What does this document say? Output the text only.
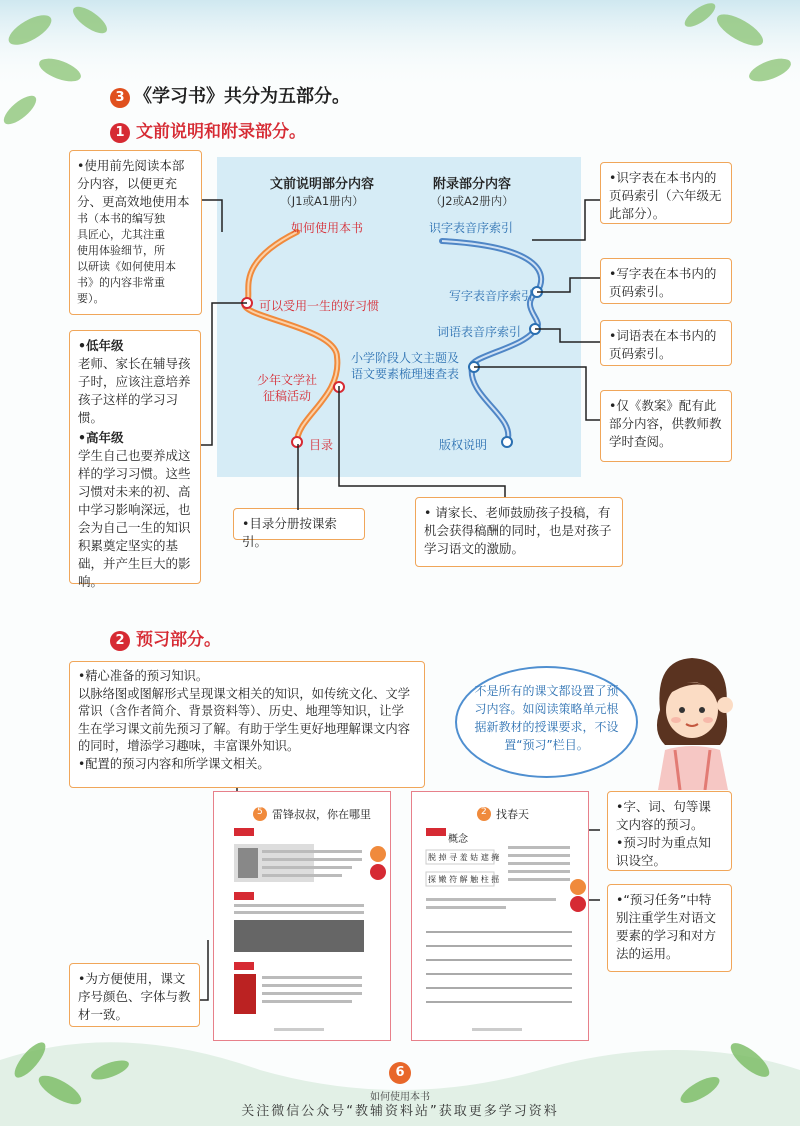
3 《学习书》共分为五部分。
1 文前说明和附录部分。
文前说明部分内容
（J1或A1册内）
附录部分内容
（J2或A2册内）
如何使用本书
可以受用一生的好习惯
少年文学社
征稿活动
目录
识字表音序索引
写字表音序索引
词语表音序索引
小学阶段人文主题及
语文要素梳理速查表
版权说明
•使用前先阅读本部
分内容，以便更充
分、更高效地使用本
书（本书的编写独
具匠心，尤其注重
使用体验细节，所
以研读《如何使用本
书》的内容非常重
要）。
•低年级
老师、家长在辅导孩子时，应该注意培养孩子这样的学习习惯。
•高年级
学生自己也要养成这样的学习习惯。这些习惯对未来的初、高中学习影响深远，也会为自己一生的知识积累奠定坚实的基础，并产生巨大的影响。
•目录分册按课索引。
• 请家长、老师鼓励孩子投稿，有机会获得稿酬的同时，也是对孩子学习语文的激励。
•识字表在本书内的页码索引（六年级无此部分）。
•写字表在本书内的页码索引。
•词语表在本书内的页码索引。
•仅《教案》配有此部分内容，供教师教学时查阅。
2 预习部分。
•精心准备的预习知识。
以脉络图或图解形式呈现课文相关的知识，如传统文化、文学常识（含作者简介、背景资料等）、历史、地理等知识，让学生在学习课文前先预习了解。有助于学生更好地理解课文内容的同时，增添学习趣味，丰富课外知识。
•配置的预习内容和所学课文相关。
不是所有的课文都设置了预习内容。如阅读策略单元根据新教材的授课要求，不设置“预习”栏目。
雷锋叔叔，你在哪里
5	找春天
2
概念
脱 掉 寻 羞 姑 遮 掩
探 嫩 符 解 触 柱 摇
•为方便使用，课文序号颜色、字体与教材一致。
•字、词、句等课文内容的预习。
•预习时为重点知识设空。
•“预习任务”中特别注重学生对语文要素的学习和对方法的运用。
6
如何使用本书
关注微信公众号“教辅资料站”获取更多学习资料
